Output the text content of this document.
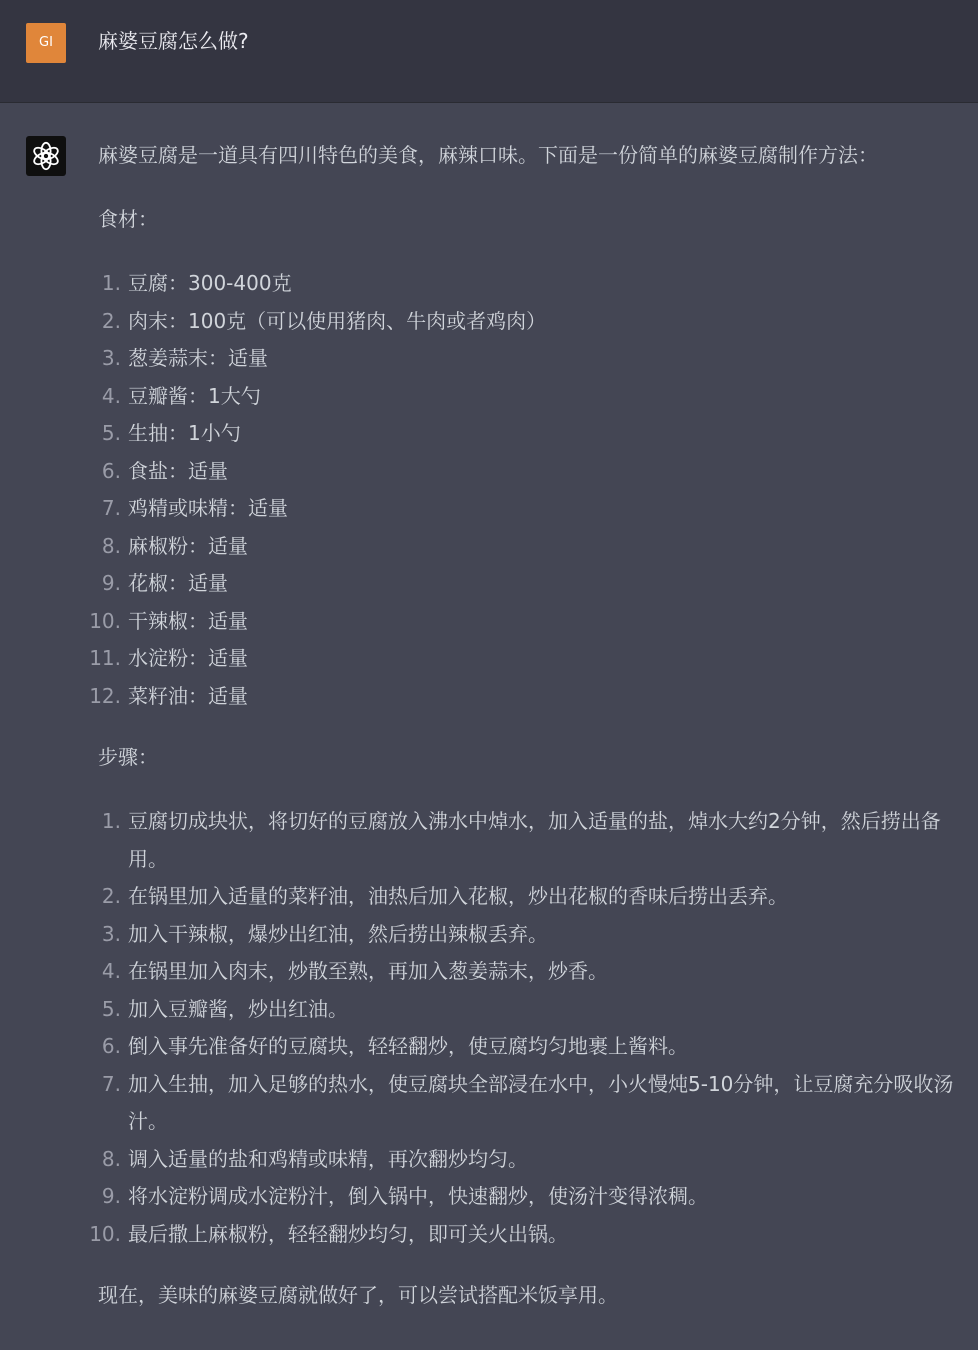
GI	麻婆豆腐怎么做?
麻婆豆腐是一道具有四川特色的美食，麻辣口味。下面是一份简单的麻婆豆腐制作方法：
食材：
1. 豆腐：300-400克
2. 肉末：100克（可以使用猪肉、牛肉或者鸡肉）
3. 葱姜蒜末：适量
4. 豆瓣酱：1大勺
5. 生抽：1小勺
6. 食盐：适量
7. 鸡精或味精：适量
8. 麻椒粉：适量
9. 花椒：适量
10. 干辣椒：适量
11. 水淀粉：适量
12. 菜籽油：适量
步骤：
1. 豆腐切成块状，将切好的豆腐放入沸水中焯水，加入适量的盐，焯水大约2分钟，然后捞出备用。
2. 在锅里加入适量的菜籽油，油热后加入花椒，炒出花椒的香味后捞出丢弃。
3. 加入干辣椒，爆炒出红油，然后捞出辣椒丢弃。
4. 在锅里加入肉末，炒散至熟，再加入葱姜蒜末，炒香。
5. 加入豆瓣酱，炒出红油。
6. 倒入事先准备好的豆腐块，轻轻翻炒，使豆腐均匀地裹上酱料。
7. 加入生抽，加入足够的热水，使豆腐块全部浸在水中，小火慢炖5-10分钟，让豆腐充分吸收汤汁。
8. 调入适量的盐和鸡精或味精，再次翻炒均匀。
9. 将水淀粉调成水淀粉汁，倒入锅中，快速翻炒，使汤汁变得浓稠。
10. 最后撒上麻椒粉，轻轻翻炒均匀，即可关火出锅。
现在，美味的麻婆豆腐就做好了，可以尝试搭配米饭享用。
